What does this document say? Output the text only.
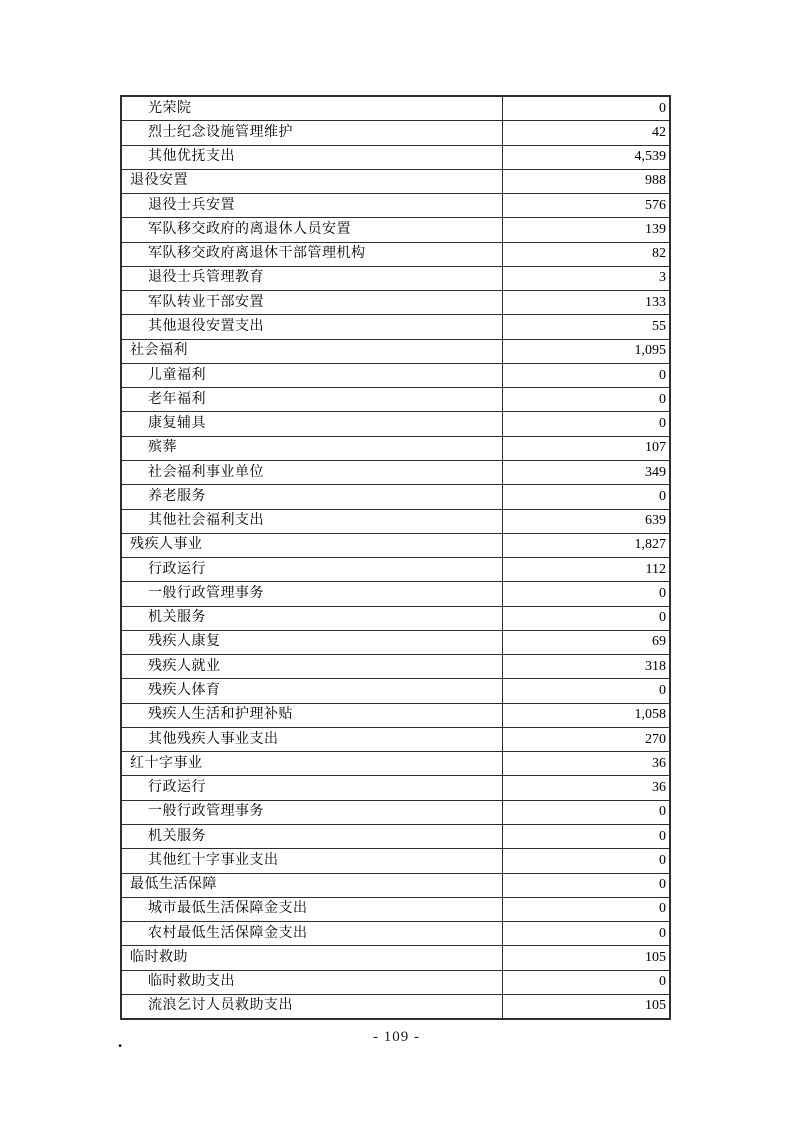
光荣院	0
烈士纪念设施管理维护	42
其他优抚支出	4,539
退役安置	988
退役士兵安置	576
军队移交政府的离退休人员安置	139
军队移交政府离退休干部管理机构	82
退役士兵管理教育	3
军队转业干部安置	133
其他退役安置支出	55
社会福利	1,095
儿童福利	0
老年福利	0
康复辅具	0
殡葬	107
社会福利事业单位	349
养老服务	0
其他社会福利支出	639
残疾人事业	1,827
行政运行	112
一般行政管理事务	0
机关服务	0
残疾人康复	69
残疾人就业	318
残疾人体育	0
残疾人生活和护理补贴	1,058
其他残疾人事业支出	270
红十字事业	36
行政运行	36
一般行政管理事务	0
机关服务	0
其他红十字事业支出	0
最低生活保障	0
城市最低生活保障金支出	0
农村最低生活保障金支出	0
临时救助	105
临时救助支出	0
流浪乞讨人员救助支出	105
- 109 -
.
